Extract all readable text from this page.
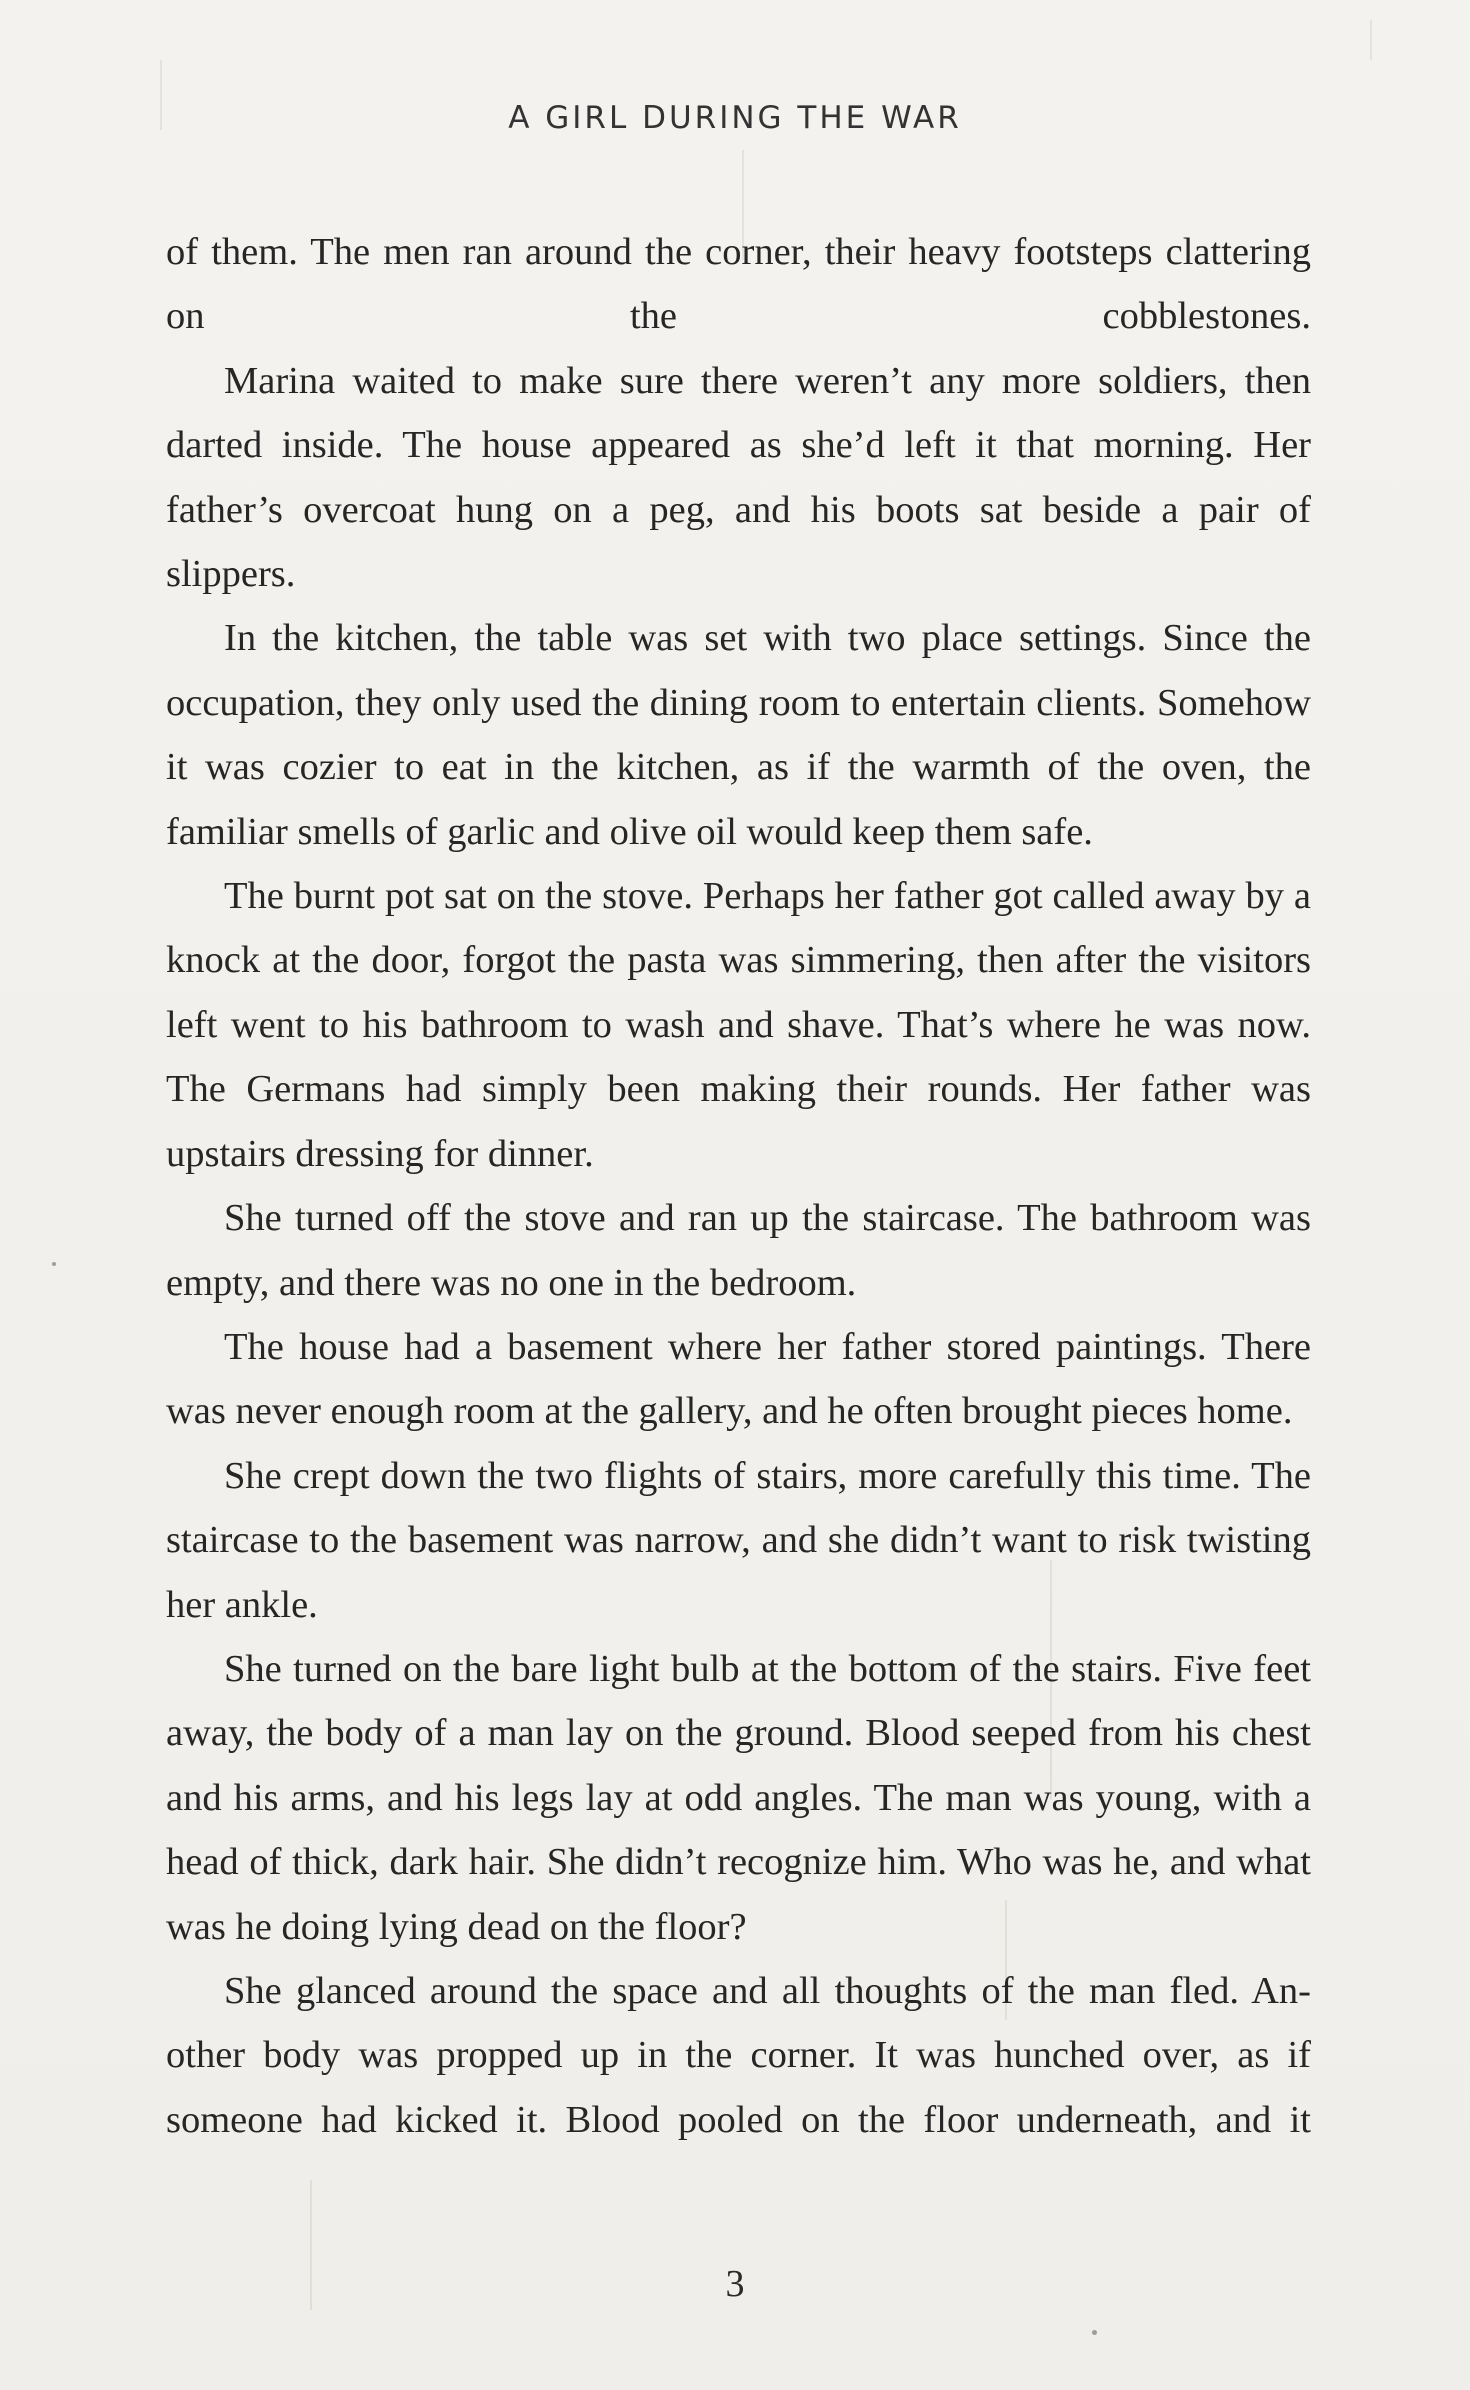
A GIRL DURING THE WAR

of them. The men ran around the corner, their heavy footsteps clattering on the cobblestones.

Marina waited to make sure there weren’t any more soldiers, then darted inside. The house appeared as she’d left it that morning. Her father’s overcoat hung on a peg, and his boots sat beside a pair of slippers.

In the kitchen, the table was set with two place settings. Since the occupation, they only used the dining room to entertain clients. Somehow it was cozier to eat in the kitchen, as if the warmth of the oven, the familiar smells of garlic and olive oil would keep them safe.

The burnt pot sat on the stove. Perhaps her father got called away by a knock at the door, forgot the pasta was simmering, then after the visitors left went to his bathroom to wash and shave. That’s where he was now. The Germans had simply been making their rounds. Her father was upstairs dressing for dinner.

She turned off the stove and ran up the staircase. The bathroom was empty, and there was no one in the bedroom.

The house had a basement where her father stored paintings. There was never enough room at the gallery, and he often brought pieces home.

She crept down the two flights of stairs, more carefully this time. The staircase to the basement was narrow, and she didn’t want to risk twisting her ankle.

She turned on the bare light bulb at the bottom of the stairs. Five feet away, the body of a man lay on the ground. Blood seeped from his chest and his arms, and his legs lay at odd angles. The man was young, with a head of thick, dark hair. She didn’t recognize him. Who was he, and what was he doing lying dead on the floor?

She glanced around the space and all thoughts of the man fled. Another body was propped up in the corner. It was hunched over, as if someone had kicked it. Blood pooled on the floor underneath, and it

3
